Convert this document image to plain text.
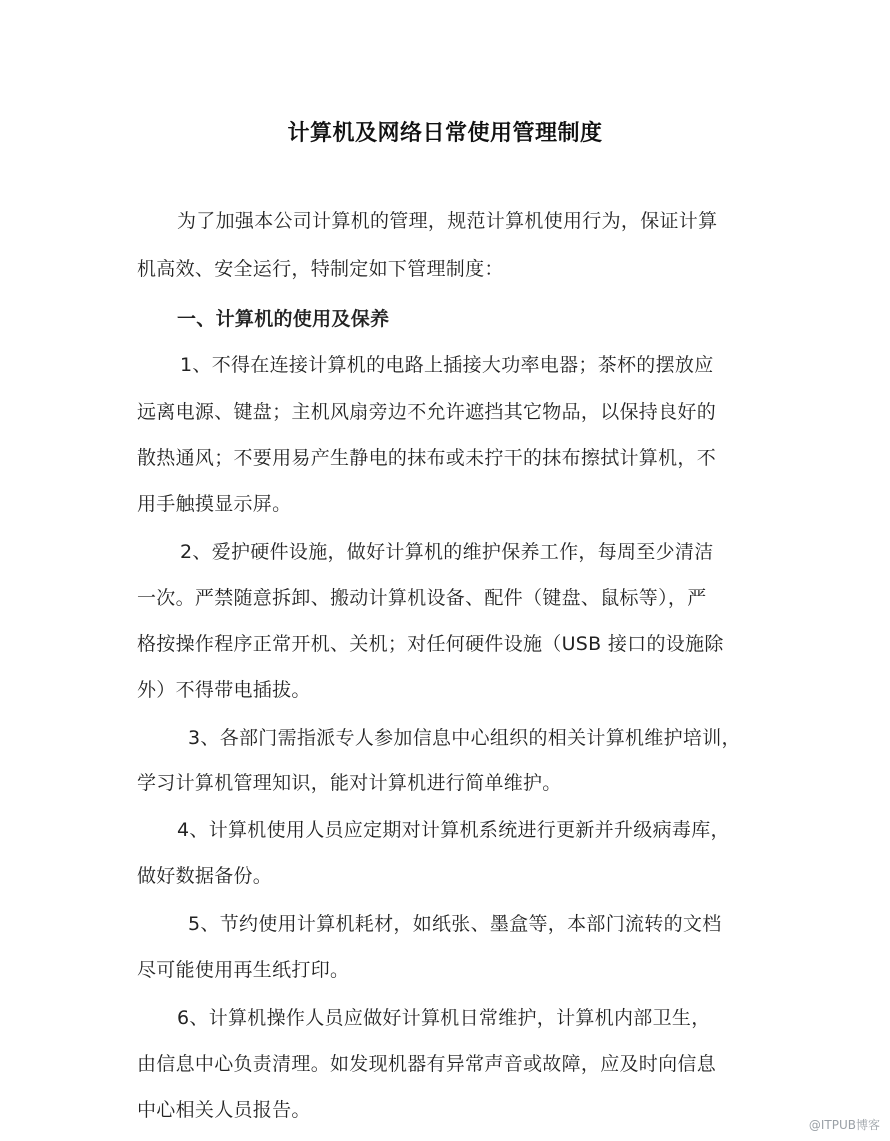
计算机及网络日常使用管理制度
为了加强本公司计算机的管理，规范计算机使用行为，保证计算
机高效、安全运行，特制定如下管理制度：
一、计算机的使用及保养
1、不得在连接计算机的电路上插接大功率电器；茶杯的摆放应
远离电源、键盘；主机风扇旁边不允许遮挡其它物品，以保持良好的
散热通风；不要用易产生静电的抹布或未拧干的抹布擦拭计算机，不
用手触摸显示屏。
2、爱护硬件设施，做好计算机的维护保养工作，每周至少清洁
一次。严禁随意拆卸、搬动计算机设备、配件（键盘、鼠标等），严
格按操作程序正常开机、关机；对任何硬件设施（USB 接口的设施除
外）不得带电插拔。
3、各部门需指派专人参加信息中心组织的相关计算机维护培训，
学习计算机管理知识，能对计算机进行简单维护。
4、计算机使用人员应定期对计算机系统进行更新并升级病毒库，
做好数据备份。
5、节约使用计算机耗材，如纸张、墨盒等，本部门流转的文档
尽可能使用再生纸打印。
6、计算机操作人员应做好计算机日常维护，计算机内部卫生，
由信息中心负责清理。如发现机器有异常声音或故障，应及时向信息
中心相关人员报告。
@ITPUB博客
